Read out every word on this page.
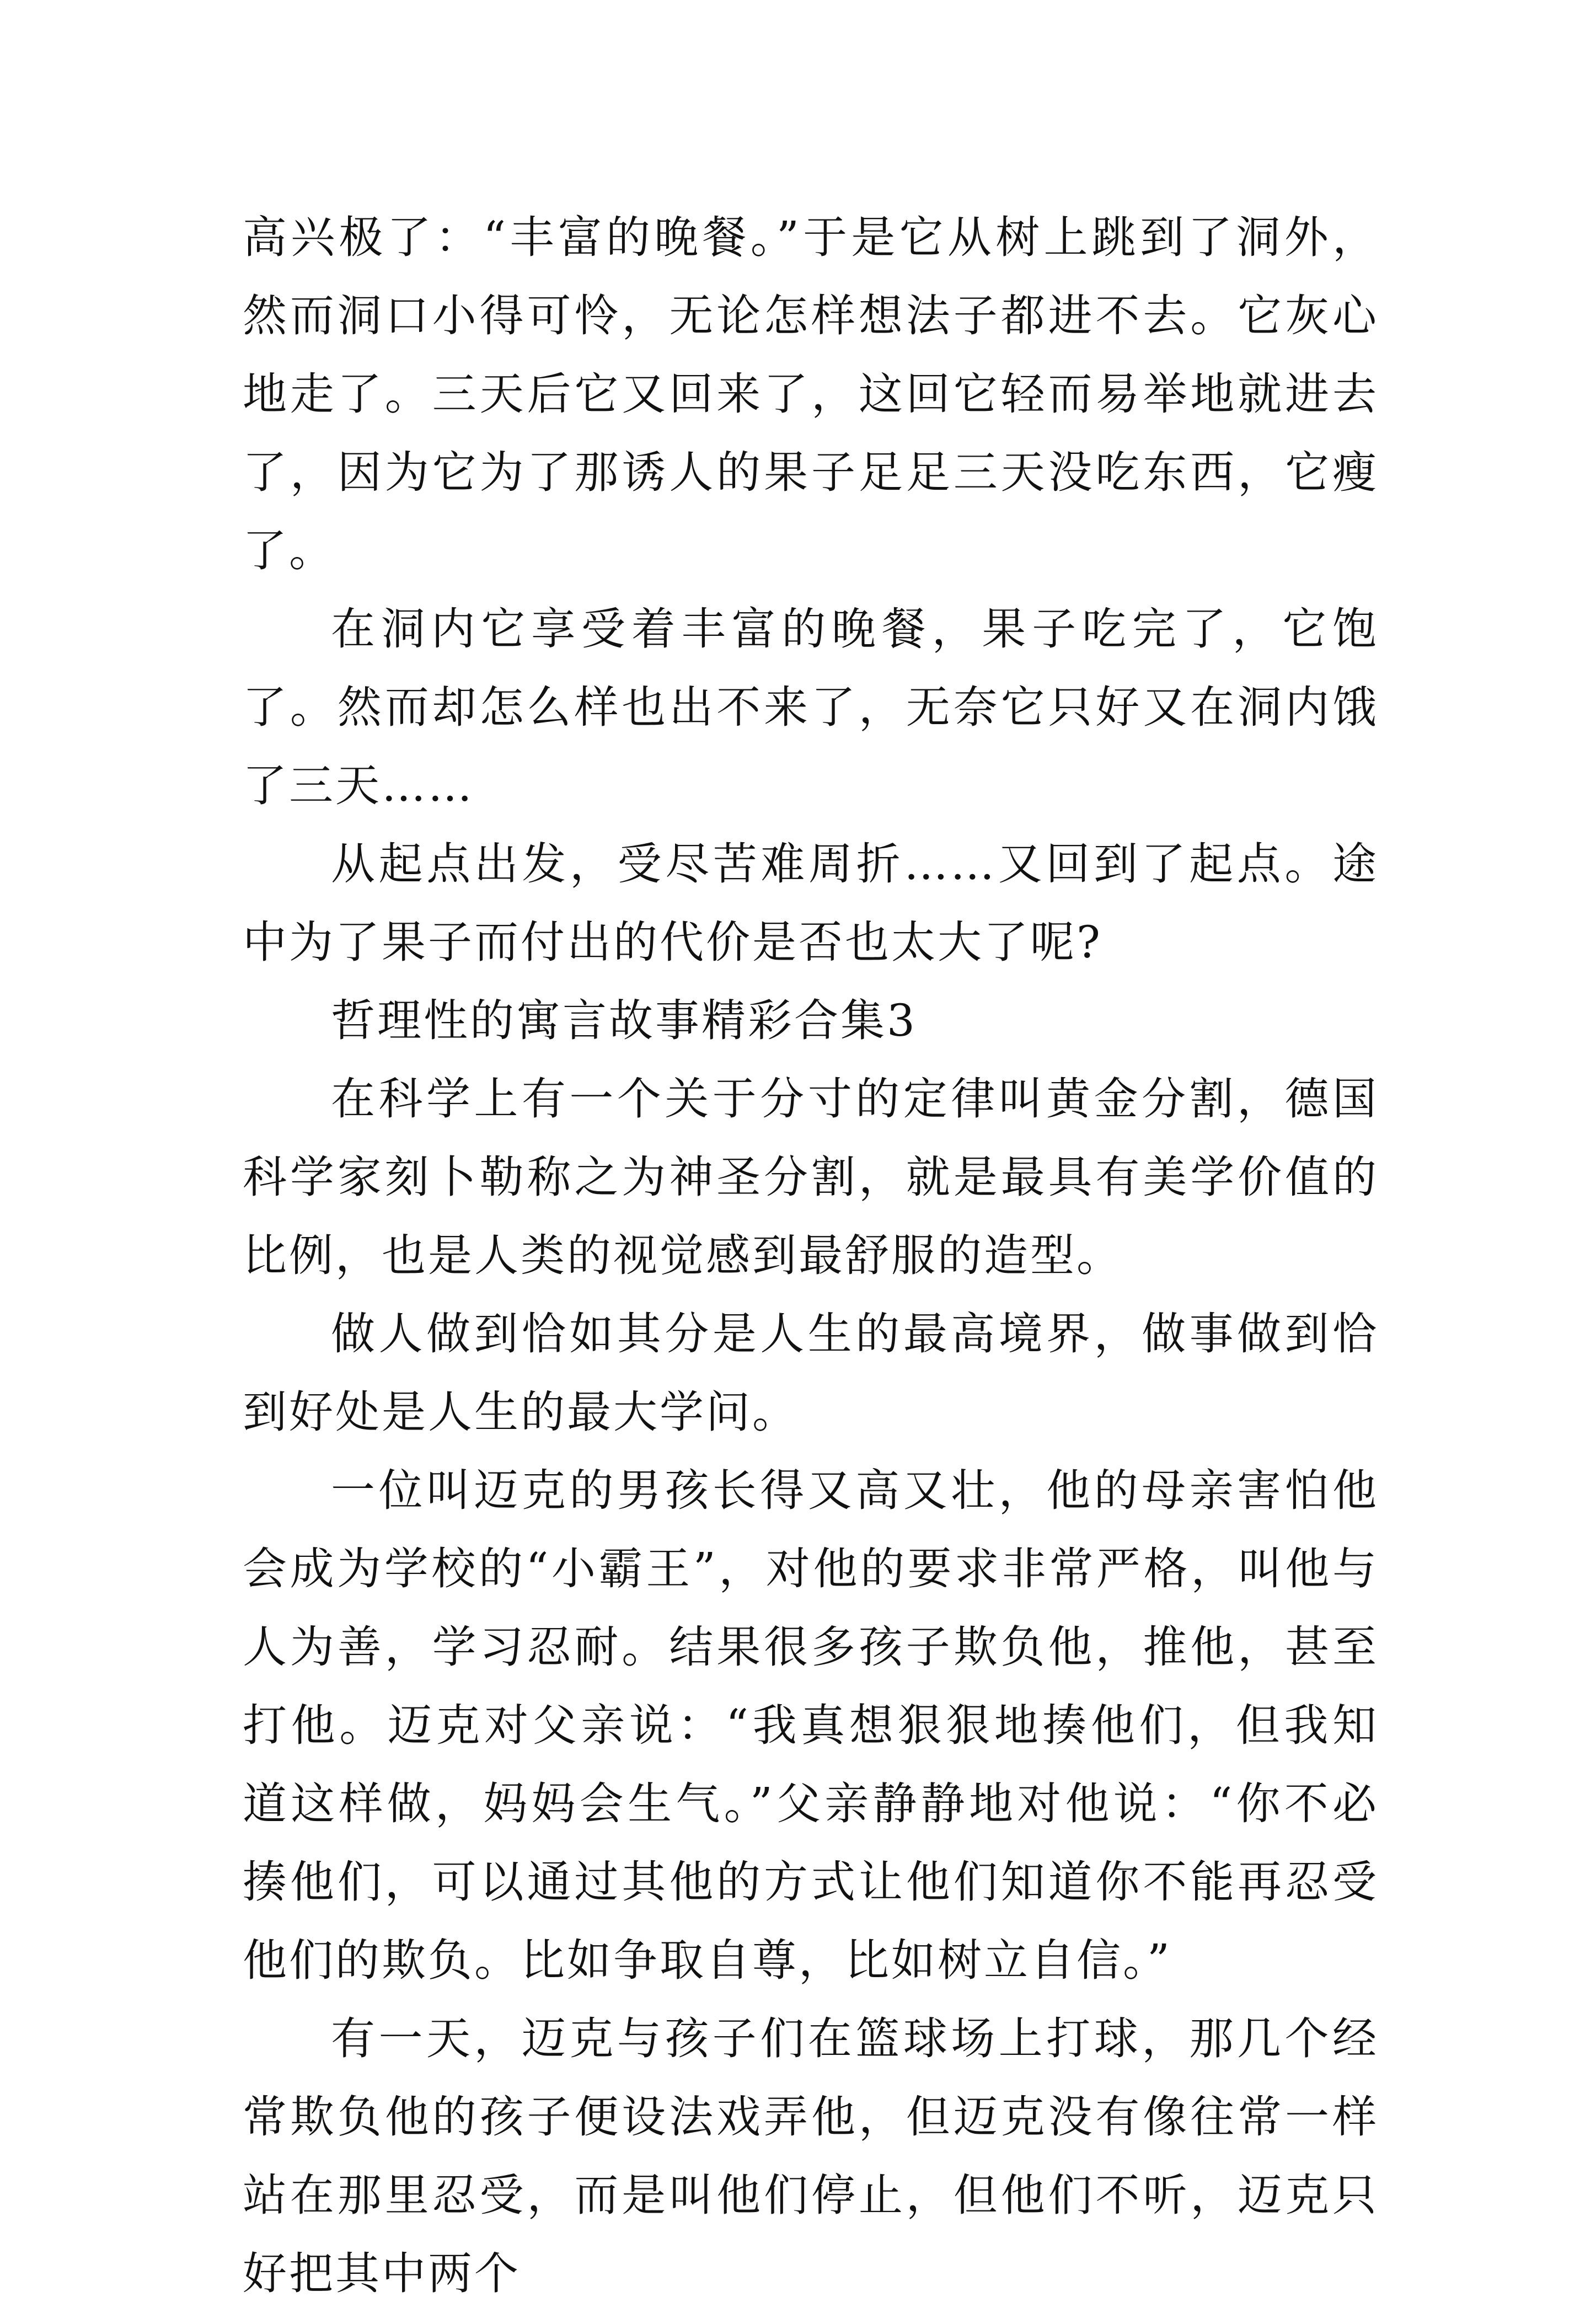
高兴极了：“丰富的晚餐。”于是它从树上跳到了洞外，然而洞口小得可怜，无论怎样想法子都进不去。它灰心地走了。三天后它又回来了，这回它轻而易举地就进去了，因为它为了那诱人的果子足足三天没吃东西，它瘦了。

在洞内它享受着丰富的晚餐，果子吃完了，它饱了。然而却怎么样也出不来了，无奈它只好又在洞内饿了三天……

从起点出发，受尽苦难周折……又回到了起点。途中为了果子而付出的代价是否也太大了呢?

哲理性的寓言故事精彩合集3

在科学上有一个关于分寸的定律叫黄金分割，德国科学家刻卜勒称之为神圣分割，就是最具有美学价值的比例，也是人类的视觉感到最舒服的造型。

做人做到恰如其分是人生的最高境界，做事做到恰到好处是人生的最大学问。

一位叫迈克的男孩长得又高又壮，他的母亲害怕他会成为学校的“小霸王”，对他的要求非常严格，叫他与人为善，学习忍耐。结果很多孩子欺负他，推他，甚至打他。迈克对父亲说：“我真想狠狠地揍他们，但我知道这样做，妈妈会生气。”父亲静静地对他说：“你不必揍他们，可以通过其他的方式让他们知道你不能再忍受他们的欺负。比如争取自尊，比如树立自信。”

有一天，迈克与孩子们在篮球场上打球，那几个经常欺负他的孩子便设法戏弄他，但迈克没有像往常一样站在那里忍受，而是叫他们停止，但他们不听，迈克只好把其中两个
